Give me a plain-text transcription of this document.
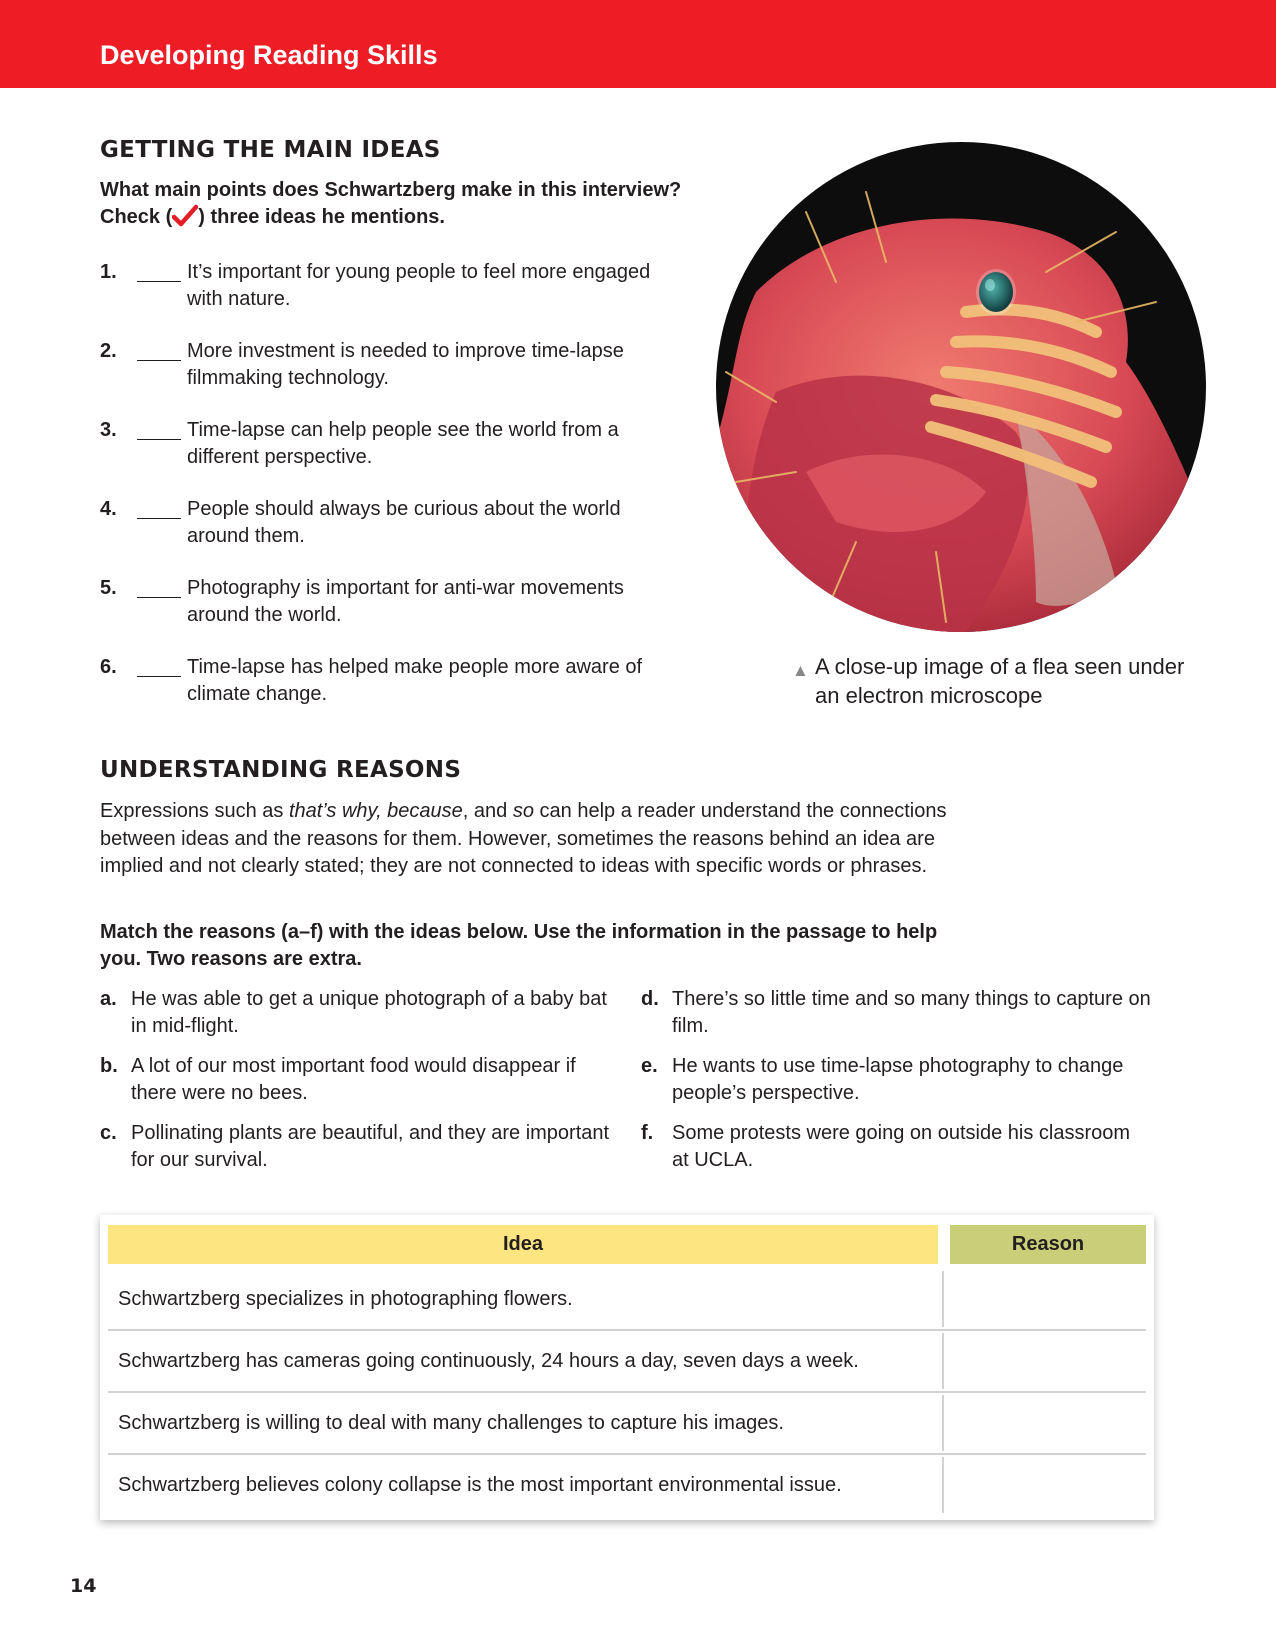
Developing Reading Skills
GETTING THE MAIN IDEAS
What main points does Schwartzberg make in this interview?
Check ( ) three ideas he mentions.
1.	It’s important for young people to feel more engaged with nature.
2.	More investment is needed to improve time-lapse filmmaking technology.
3.	Time-lapse can help people see the world from a different perspective.
4.	People should always be curious about the world around them.
5.	Photography is important for anti-war movements around the world.
6.	Time-lapse has helped make people more aware of climate change.
▲ A close-up image of a flea seen under an electron microscope
UNDERSTANDING REASONS
Expressions such as that’s why, because, and so can help a reader understand the connections between ideas and the reasons for them. However, sometimes the reasons behind an idea are implied and not clearly stated; they are not connected to ideas with specific words or phrases.
Match the reasons (a–f) with the ideas below. Use the information in the passage to help you. Two reasons are extra.
a. He was able to get a unique photograph of a baby bat in mid-flight.
b. A lot of our most important food would disappear if there were no bees.
c. Pollinating plants are beautiful, and they are important for our survival.
d. There’s so little time and so many things to capture on film.
e. He wants to use time-lapse photography to change people’s perspective.
f. Some protests were going on outside his classroom at UCLA.
Idea	Reason
Schwartzberg specializes in photographing flowers.
Schwartzberg has cameras going continuously, 24 hours a day, seven days a week.
Schwartzberg is willing to deal with many challenges to capture his images.
Schwartzberg believes colony collapse is the most important environmental issue.
14
